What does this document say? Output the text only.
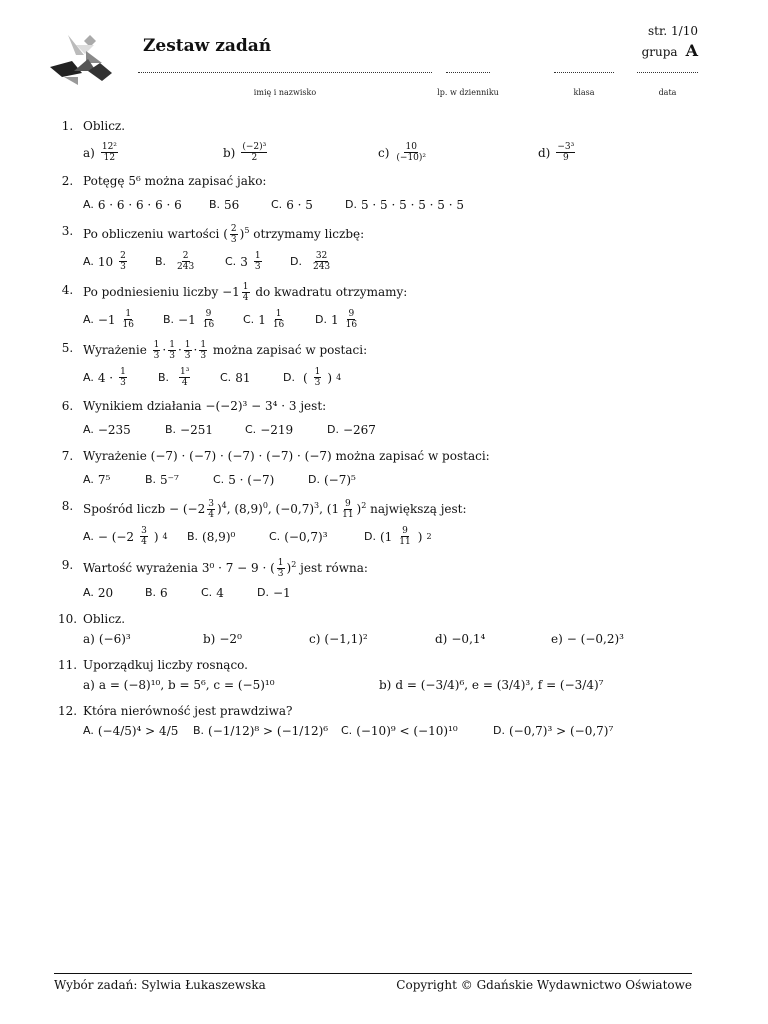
Zestaw zadań
str. 1/10
grupa A
imię i nazwisko	lp. w dzienniku	klasa	data
1. Oblicz.
$a) \frac{\text{12²}}{12}$	$b) \frac{\text{(−2)³}}{2}$	$c) \frac{10}{\text{(−10)²}}$	$d) \frac{\text{−3³}}{9}$
2. Potęgę 5⁶ można zapisać jako:
A. 6 · 6 · 6 · 6 · 6 B. 56	C. 6 · 5	D. 5 · 5 · 5 · 5 · 5 · 5
3. Po obliczeniu wartości ( $\frac{2}{3} )^5$ otrzymamy liczbę:
A. $10 \frac{2}{3}$	B. $\frac{2}{243}$	C. $3 \frac{1}{3}$	D. $\frac{32}{243}$
4. Po podniesieniu liczby $-1 \frac{1}{4}$ do kwadratu otrzymamy:
A. $-1 \frac{1}{16}$	B. $-1 \frac{9}{16}$	C. $1 \frac{1}{16}$	D. $1 \frac{9}{16}$
5. Wyrażenie $\frac{1}{3} \cdot \frac{1}{3} \cdot \frac{1}{3} \cdot \frac{1}{3}$ można zapisać w postaci:
A. $4 \cdot \frac{1}{3}$	B. $\frac{\text{1³}}{4}$	C. 81	D. ( $\frac{1}{3}$ ) 4
6. Wynikiem działania −(−2)³ − 3⁴ · 3 jest:
A. −235	B. −251	C. −219	D. −267
7. Wyrażenie (−7) · (−7) · (−7) · (−7) · (−7) można zapisać w postaci:
A. 7⁵	B. 5⁻⁷	C. 5 · (−7)	D. (−7)⁵
8. Spośród liczb − $(-2 \frac{3}{4} )^4$, $(8,9)^0$, $(-0,7)^3$, $(1 \frac{9}{11} )^2$ największą jest:
A. − ($-2 \frac{3}{4}$ ) 4 B. (8,9)⁰	C. (−0,7)³	D. ($1 \frac{9}{11}$ ) 2
9. Wartość wyrażenia 3⁰ · 7 − 9 · ( $\frac{1}{3} )^2$ jest równa:
A. 20	B. 6	C. 4	D. −1
10. Oblicz.
a) (−6)³	b) −2⁰	c) (−1,1)²	d) −0,1⁴	e) − (−0,2)³
11. Uporządkuj liczby rosnąco.
a) a = (−8)¹⁰, b = 5⁶, c = (−5)¹⁰	b) d = (−3/4)⁶, e = (3/4)³, f = (−3/4)⁷
12. Która nierówność jest prawdziwa?
A. (−4/5)⁴ > 4/5 B. (−1/12)⁸ > (−1/12)⁶ C. (−10)⁹ < (−10)¹⁰	D. (−0,7)³ > (−0,7)⁷
Wybór zadań: Sylwia Łukaszewska	Copyright © Gdańskie Wydawnictwo Oświatowe
